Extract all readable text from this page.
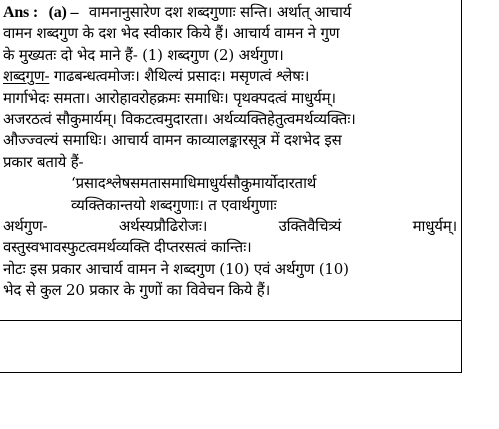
Ans : (a) – वामनानुसारेण दश शब्दगुणाः सन्ति। अर्थात् आचार्य
वामन शब्दगुण के दश भेद स्वीकार किये हैं। आचार्य वामन ने गुण
के मुख्यतः दो भेद माने हैं- (1) शब्दगुण (2) अर्थगुण।
शब्दगुण- गाढबन्धत्वमोजः। शैथिल्यं प्रसादः। मसृणत्वं श्लेषः।
मार्गाभेदः समता। आरोहावरोहक्रमः समाधिः। पृथक्पदत्वं माधुर्यम्।
अजरठत्वं सौकुमार्यम्। विकटत्वमुदारता। अर्थव्यक्तिहेतुत्वमर्थव्यक्तिः।
औज्ज्वल्यं समाधिः। आचार्य वामन काव्यालङ्कारसूत्र में दशभेद इस
प्रकार बताये हैं-
‘प्रसादश्लेषसमतासमाधिमाधुर्यसौकुमार्योदारतार्थ
व्यक्तिकान्तयो शब्दगुणाः। त एवार्थगुणाः
अर्थगुण-	अर्थस्यप्रौढिरोजः।	उक्तिवैचित्र्यं	माधुर्यम्।
वस्तुस्वभावस्फुटत्वमर्थव्यक्ति दीप्तरसत्वं कान्तिः।
नोटः इस प्रकार आचार्य वामन ने शब्दगुण (10) एवं अर्थगुण (10)
भेद से कुल 20 प्रकार के गुणों का विवेचन किये हैं।
